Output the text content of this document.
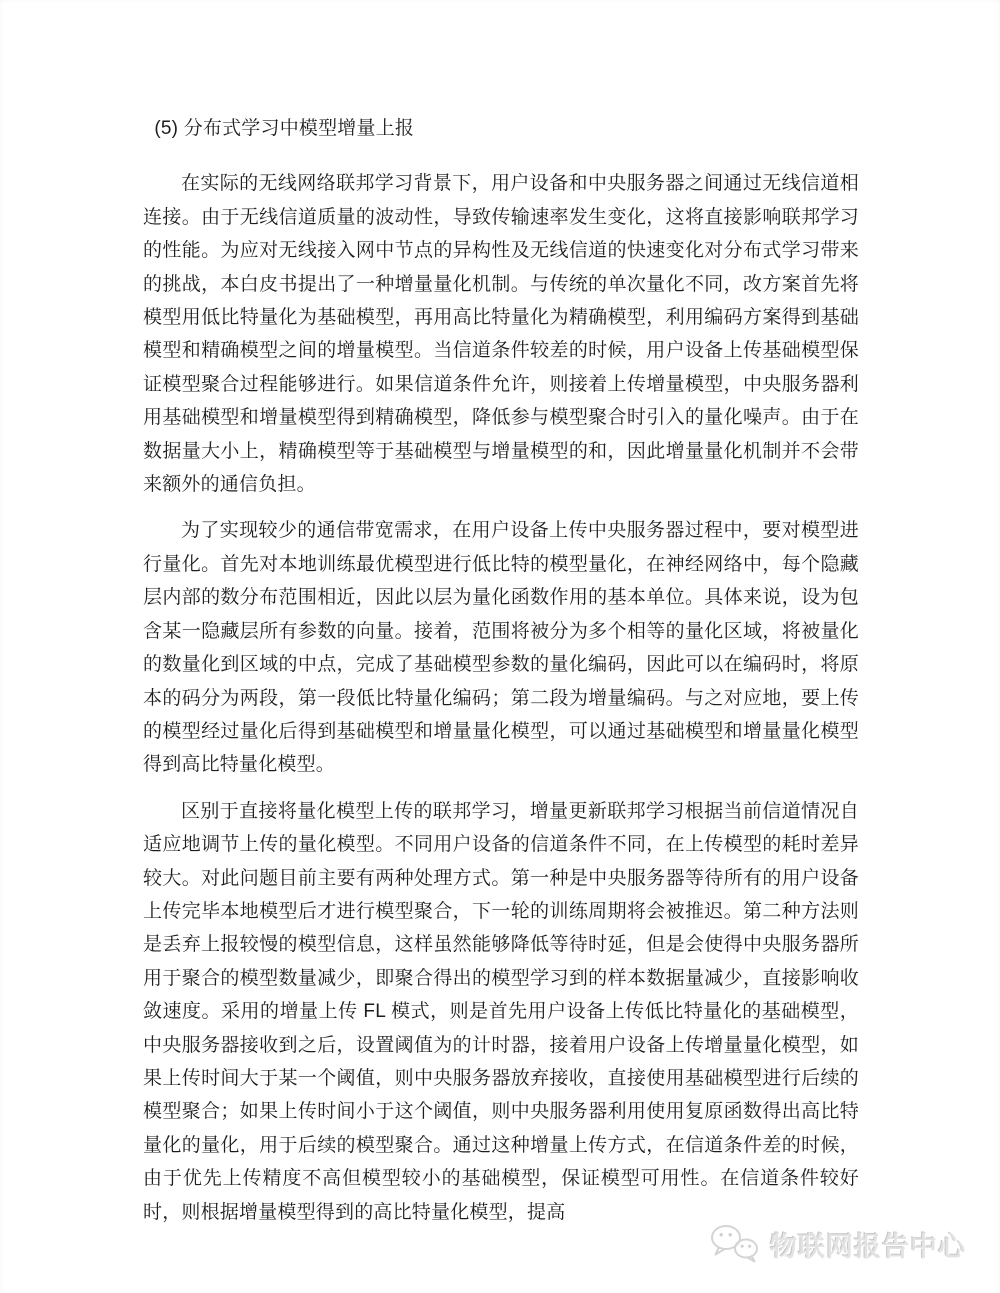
(5) 分布式学习中模型增量上报

在实际的无线网络联邦学习背景下，用户设备和中央服务器之间通过无线信道相连接。由于无线信道质量的波动性，导致传输速率发生变化，这将直接影响联邦学习的性能。为应对无线接入网中节点的异构性及无线信道的快速变化对分布式学习带来的挑战，本白皮书提出了一种增量量化机制。与传统的单次量化不同，改方案首先将模型用低比特量化为基础模型，再用高比特量化为精确模型，利用编码方案得到基础模型和精确模型之间的增量模型。当信道条件较差的时候，用户设备上传基础模型保证模型聚合过程能够进行。如果信道条件允许，则接着上传增量模型，中央服务器利用基础模型和增量模型得到精确模型，降低参与模型聚合时引入的量化噪声。由于在数据量大小上，精确模型等于基础模型与增量模型的和，因此增量量化机制并不会带来额外的通信负担。

为了实现较少的通信带宽需求，在用户设备上传中央服务器过程中，要对模型进行量化。首先对本地训练最优模型进行低比特的模型量化，在神经网络中，每个隐藏层内部的数分布范围相近，因此以层为量化函数作用的基本单位。具体来说，设为包含某一隐藏层所有参数的向量。接着，范围将被分为多个相等的量化区域，将被量化的数量化到区域的中点，完成了基础模型参数的量化编码，因此可以在编码时，将原本的码分为两段，第一段低比特量化编码；第二段为增量编码。与之对应地，要上传的模型经过量化后得到基础模型和增量量化模型，可以通过基础模型和增量量化模型得到高比特量化模型。

区别于直接将量化模型上传的联邦学习，增量更新联邦学习根据当前信道情况自适应地调节上传的量化模型。不同用户设备的信道条件不同，在上传模型的耗时差异较大。对此问题目前主要有两种处理方式。第一种是中央服务器等待所有的用户设备上传完毕本地模型后才进行模型聚合，下一轮的训练周期将会被推迟。第二种方法则是丢弃上报较慢的模型信息，这样虽然能够降低等待时延，但是会使得中央服务器所用于聚合的模型数量减少，即聚合得出的模型学习到的样本数据量减少，直接影响收敛速度。采用的增量上传 FL 模式，则是首先用户设备上传低比特量化的基础模型，中央服务器接收到之后，设置阈值为的计时器，接着用户设备上传增量量化模型，如果上传时间大于某一个阈值，则中央服务器放弃接收，直接使用基础模型进行后续的模型聚合；如果上传时间小于这个阈值，则中央服务器利用使用复原函数得出高比特量化的量化，用于后续的模型聚合。通过这种增量上传方式，在信道条件差的时候，由于优先上传精度不高但模型较小的基础模型，保证模型可用性。在信道条件较好时，则根据增量模型得到的高比特量化模型，提高

物联网报告中心
